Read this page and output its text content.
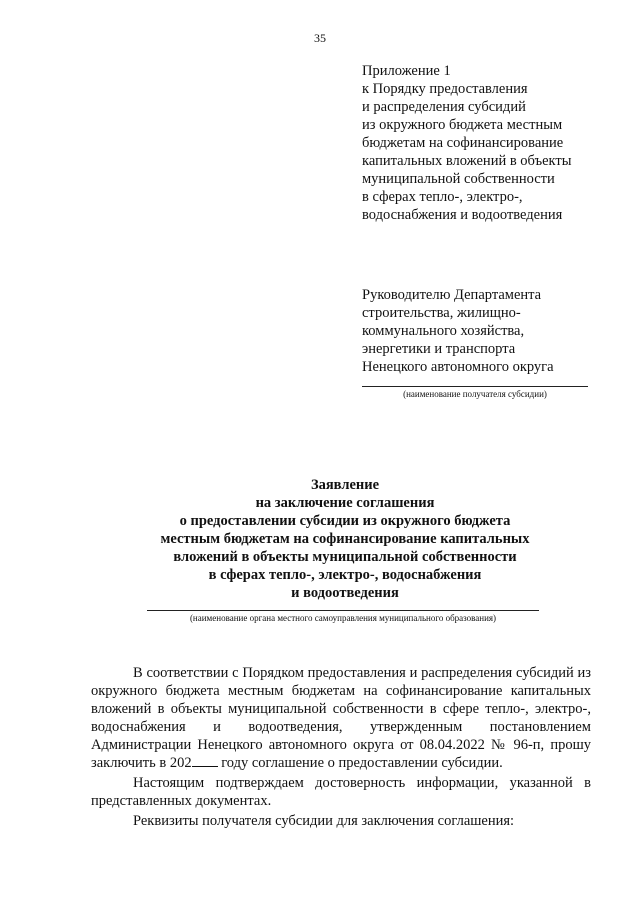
35
Приложение 1
к Порядку предоставления
и распределения субсидий
из окружного бюджета местным
бюджетам на софинансирование
капитальных вложений в объекты
муниципальной собственности
в сферах тепло-, электро-,
водоснабжения и водоотведения
Руководителю Департамента
строительства, жилищно-
коммунального хозяйства,
энергетики и транспорта
Ненецкого автономного округа
(наименование получателя субсидии)
Заявление
на заключение соглашения
о предоставлении субсидии из окружного бюджета
местным бюджетам на софинансирование капитальных
вложений в объекты муниципальной собственности
в сферах тепло-, электро-, водоснабжения
и водоотведения
(наименование органа местного самоуправления муниципального образования)

В соответствии с Порядком предоставления и распределения субсидий из окружного бюджета местным бюджетам на софинансирование капитальных вложений в объекты муниципальной собственности в сфере тепло-, электро-, водоснабжения и водоотведения, утвержденным постановлением Администрации Ненецкого автономного округа от 08.04.2022 № 96-п, прошу заключить в 202 году соглашение о предоставлении субсидии.

Настоящим подтверждаем достоверность информации, указанной в представленных документах.

Реквизиты получателя субсидии для заключения соглашения:
